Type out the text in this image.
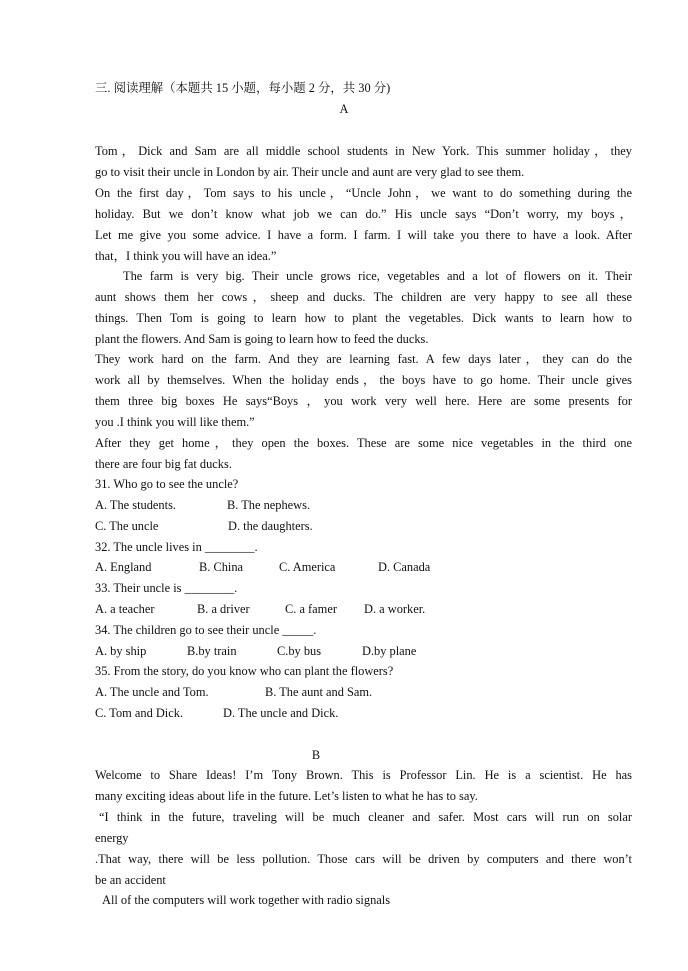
三. 阅读理解（本题共 15 小题，每小题 2 分，共 30 分)
A
Tom，Dick and Sam are all middle school students in New York. This summer holiday，they
go to visit their uncle in London by air. Their uncle and aunt are very glad to see them.
On the first day，Tom says to his uncle，“Uncle John，we want to do something during the
holiday. But we don’t know what job we can do.” His uncle says “Don’t worry, my boys，
Let me give you some advice. I have a form. I farm. I will take you there to have a look. After
that，I think you will have an idea.”
The farm is very big. Their uncle grows rice, vegetables and a lot of flowers on it. Their
aunt shows them her cows，sheep and ducks. The children are very happy to see all these
things. Then Tom is going to learn how to plant the vegetables. Dick wants to learn how to
plant the flowers. And Sam is going to learn how to feed the ducks.
They work hard on the farm. And they are learning fast. A few days later，they can do the
work all by themselves. When the holiday ends，the boys have to go home. Their uncle gives
them three big boxes He says“Boys ，you work very well here. Here are some presents for
you .I think you will like them.”
After they get home，they open the boxes. These are some nice vegetables in the third one
there are four big fat ducks.
31. Who go to see the uncle?
A. The students.	B. The nephews.
C. The uncle	D. the daughters.
32. The uncle lives in ________.
A. England	B. China	C. America	D. Canada
33. Their uncle is ________.
A. a teacher	B. a driver	C. a famer D. a worker.
34. The children go to see their uncle _____.
A. by ship	B.by train	C.by bus	D.by plane
35. From the story, do you know who can plant the flowers?
A. The uncle and Tom.	B. The aunt and Sam.
C. Tom and Dick.	D. The uncle and Dick.
B
Welcome to Share Ideas! I’m Tony Brown. This is Professor Lin. He is a scientist. He has
many exciting ideas about life in the future. Let’s listen to what he has to say.
“I think in the future, traveling will be much cleaner and safer. Most cars will run on solar
energy
.That way, there will be less pollution. Those cars will be driven by computers and there won’t
be an accident
All of the computers will work together with radio signals
